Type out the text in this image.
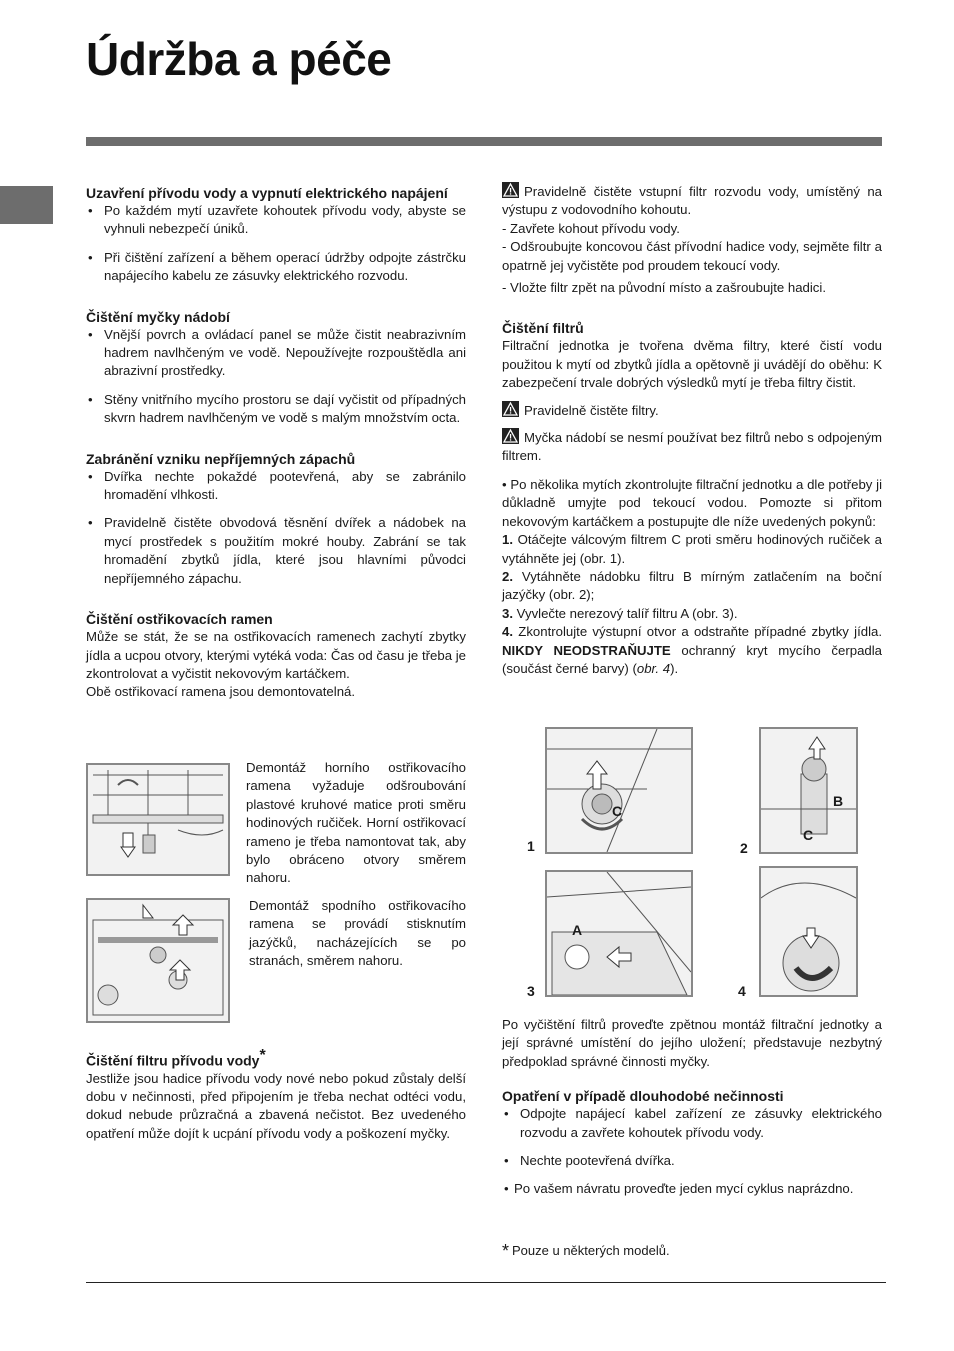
Údržba a péče

Uzavření přívodu vody a vypnutí elektrického napájení

• Po každém mytí uzavřete kohoutek přívodu vody, abyste se vyhnuli nebezpečí úniků.
• Při čištění zařízení a během operací údržby odpojte zástrčku napájecího kabelu ze zásuvky elektrického rozvodu.

Čištění myčky nádobí

• Vnější povrch a ovládací panel se může čistit neabrazivním hadrem navlhčeným ve vodě. Nepoužívejte rozpouštědla ani abrazivní prostředky.
• Stěny vnitřního mycího prostoru se dají vyčistit od případných skvrn hadrem navlhčeným ve vodě s malým množstvím octa.

Zabránění vzniku nepříjemných zápachů

• Dvířka nechte pokaždé pootevřená, aby se zabránilo hromadění vlhkosti.
• Pravidelně čistěte obvodová těsnění dvířek a nádobek na mycí prostředek s použitím mokré houby. Zabrání se tak hromadění zbytků jídla, které jsou hlavními původci nepříjemného zápachu.

Čištění ostřikovacích ramen

Může se stát, že se na ostřikovacích ramenech zachytí zbytky jídla a ucpou otvory, kterými vytéká voda: Čas od času je třeba je zkontrolovat a vyčistit nekovovým kartáčkem.

Obě ostřikovací ramena jsou demontovatelná.

Demontáž horního ostřikovacího ramena vyžaduje odšroubování plastové kruhové matice proti směru hodinových ručiček. Horní ostřikovací rameno je třeba namontovat tak, aby bylo obráceno otvory směrem nahoru.

Demontáž spodního ostřikovacího ramena se provádí stisknutím jazýčků, nacházejících se po stranách, směrem nahoru.

Čištění filtru přívodu vody*

Jestliže jsou hadice přívodu vody nové nebo pokud zůstaly delší dobu v nečinnosti, před připojením je třeba nechat odtéci vodu, dokud nebude průzračná a zbavená nečistot. Bez uvedeného opatření může dojít k ucpání přívodu vody a poškození myčky.

Pravidelně čistěte vstupní filtr rozvodu vody, umístěný na výstupu z vodovodního kohoutu.

- Zavřete kohout přívodu vody.

- Odšroubujte koncovou část přívodní hadice vody, sejměte filtr a opatrně jej vyčistěte pod proudem tekoucí vody.

- Vložte filtr zpět na původní místo a zašroubujte hadici.

Čištění filtrů

Filtrační jednotka je tvořena dvěma filtry, které čistí vodu použitou k mytí od zbytků jídla a opětovně ji uvádějí do oběhu: K zabezpečení trvale dobrých výsledků mytí je třeba filtry čistit.

Pravidelně čistěte filtry.

Myčka nádobí se nesmí používat bez filtrů nebo s odpojeným filtrem.

• Po několika mytích zkontrolujte filtrační jednotku a dle potřeby ji důkladně umyjte pod tekoucí vodou. Pomozte si přitom nekovovým kartáčkem a postupujte dle níže uvedených pokynů:

1. Otáčejte válcovým filtrem C proti směru hodinových ručiček a vytáhněte jej (obr. 1).

2. Vytáhněte nádobku filtru B mírným zatlačením na boční jazýčky (obr. 2);

3. Vyvlečte nerezový talíř filtru A (obr. 3).

4. Zkontrolujte výstupní otvor a odstraňte případné zbytky jídla. NIKDY NEODSTRAŇUJTE ochranný kryt mycího čerpadla (součást černé barvy) (obr. 4).

C
1
B
C
2
A
3	4

Po vyčištění filtrů proveďte zpětnou montáž filtrační jednotky a její správné umístění do jejího uložení; představuje nezbytný předpoklad správné činnosti myčky.

Opatření v případě dlouhodobé nečinnosti

• Odpojte napájecí kabel zařízení ze zásuvky elektrického rozvodu a zavřete kohoutek přívodu vody.
• Nechte pootevřená dvířka.
• Po vašem návratu proveďte jeden mycí cyklus naprázdno.
* Pouze u některých modelů.
